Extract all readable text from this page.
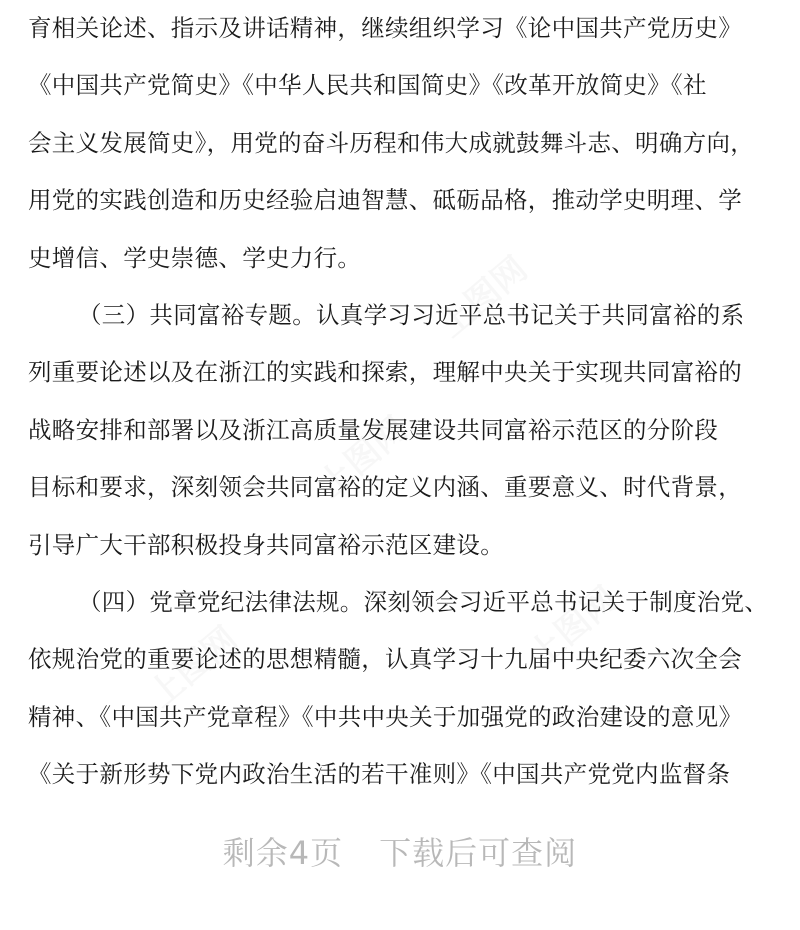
上图网
上图网
上图网
上图网
育相关论述、指示及讲话精神，继续组织学习《论中国共产党历史》
《中国共产党简史》《中华人民共和国简史》《改革开放简史》《社
会主义发展简史》，用党的奋斗历程和伟大成就鼓舞斗志、明确方向，
用党的实践创造和历史经验启迪智慧、砥砺品格，推动学史明理、学
史增信、学史崇德、学史力行。
（三）共同富裕专题。认真学习习近平总书记关于共同富裕的系
列重要论述以及在浙江的实践和探索，理解中央关于实现共同富裕的
战略安排和部署以及浙江高质量发展建设共同富裕示范区的分阶段
目标和要求，深刻领会共同富裕的定义内涵、重要意义、时代背景，
引导广大干部积极投身共同富裕示范区建设。
（四）党章党纪法律法规。深刻领会习近平总书记关于制度治党、
依规治党的重要论述的思想精髓，认真学习十九届中央纪委六次全会
精神、《中国共产党章程》《中共中央关于加强党的政治建设的意见》
《关于新形势下党内政治生活的若干准则》《中国共产党党内监督条
剩余4页 下载后可查阅
